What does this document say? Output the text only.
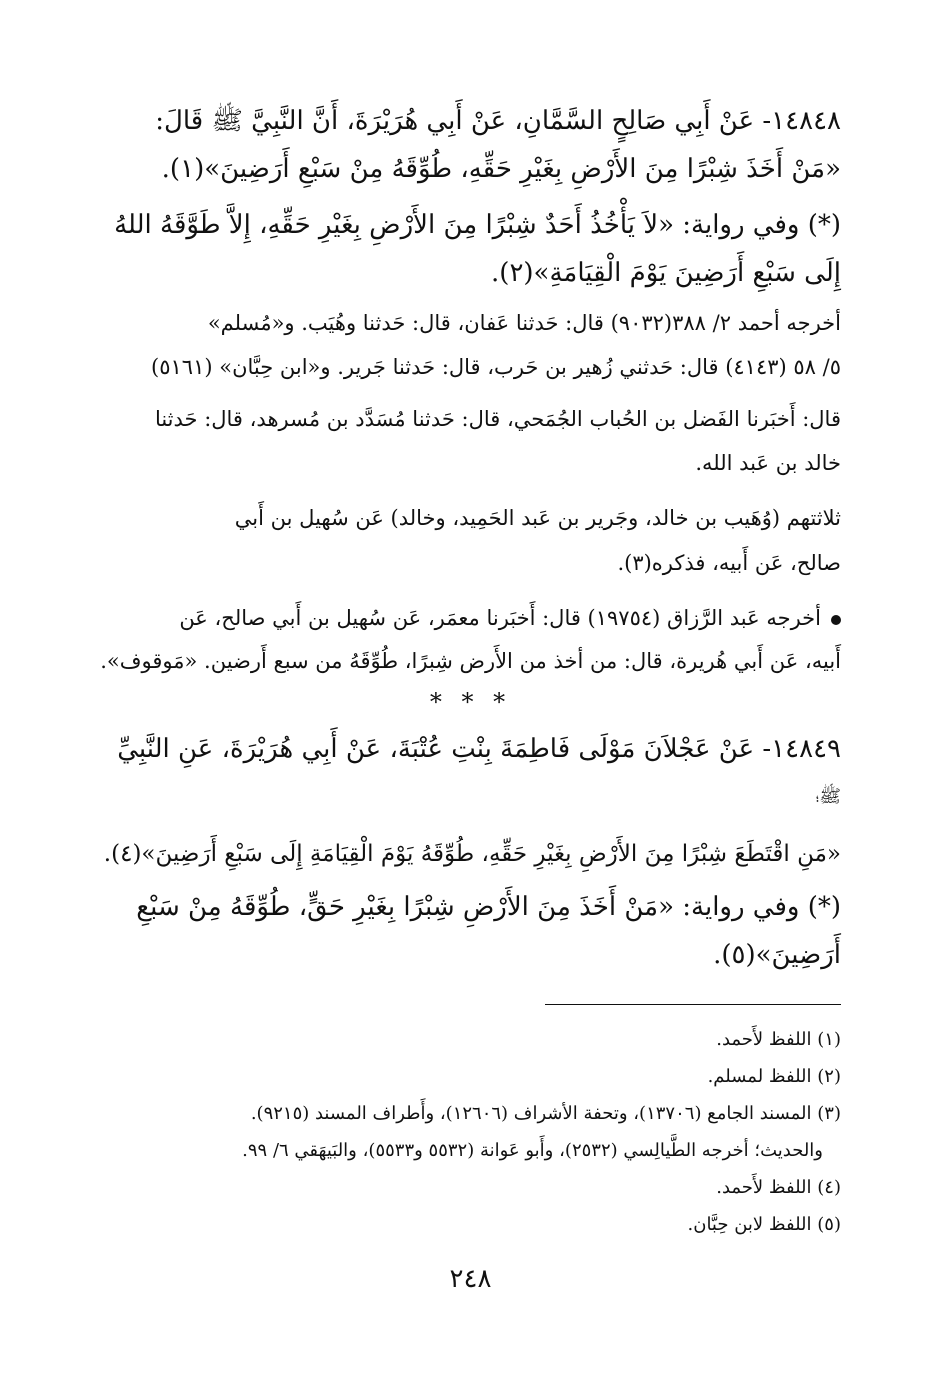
١٤٨٤٨- عَنْ أَبِي صَالِحٍ السَّمَّانِ، عَنْ أَبِي هُرَيْرَةَ، أَنَّ النَّبِيَّ ﷺ قَالَ:
«مَنْ أَخَذَ شِبْرًا مِنَ الأَرْضِ بِغَيْرِ حَقِّهِ، طُوِّقَهُ مِنْ سَبْعِ أَرَضِينَ»(١).
(*) وفي رواية: «لاَ يَأْخُذُ أَحَدٌ شِبْرًا مِنَ الأَرْضِ بِغَيْرِ حَقِّهِ، إِلاَّ طَوَّقَهُ اللهُ
إِلَى سَبْعِ أَرَضِينَ يَوْمَ الْقِيَامَةِ»(٢).
أخرجه أحمد ٢/ ٣٨٨(٩٠٣٢) قال: حَدثنا عَفان، قال: حَدثنا وهُيَب. و«مُسلم»
٥/ ٥٨ (٤١٤٣) قال: حَدثني زُهير بن حَرب، قال: حَدثنا جَرير. و«ابن حِبَّان» (٥١٦١)
قال: أَخبَرنا الفَضل بن الحُباب الجُمَحي، قال: حَدثنا مُسَدَّد بن مُسرهد، قال: حَدثنا
خالد بن عَبد الله.
ثلاثتهم (وُهَيب بن خالد، وجَرير بن عَبد الحَمِيد، وخالد) عَن سُهيل بن أَبي
صالح، عَن أَبيه، فذكره(٣).
أخرجه عَبد الرَّزاق (١٩٧٥٤) قال: أَخبَرنا معمَر، عَن سُهيل بن أَبي صالح، عَن
أَبيه، عَن أَبي هُريرة، قال: من أخذ من الأَرض شِبرًا، طُوِّقَهُ من سبع أَرضين. «مَوقوف».
* * *
١٤٨٤٩- عَنْ عَجْلاَنَ مَوْلَى فَاطِمَةَ بِنْتِ عُتْبَةَ، عَنْ أَبِي هُرَيْرَةَ، عَنِ النَّبِيِّ
«مَنِ اقْتَطَعَ شِبْرًا مِنَ الأَرْضِ بِغَيْرِ حَقِّهِ، طُوِّقَهُ يَوْمَ الْقِيَامَةِ إِلَى سَبْعِ أَرَضِينَ»(٤).
(*) وفي رواية: «مَنْ أَخَذَ مِنَ الأَرْضِ شِبْرًا بِغَيْرِ حَقٍّ، طُوِّقَهُ مِنْ سَبْعِ
أَرَضِينَ»(٥).
ﷺ؛
(١) اللفظ لأَحمد.
(٢) اللفظ لمسلم.
(٣) المسند الجامع (١٣٧٠٦)، وتحفة الأشراف (١٢٦٠٦)، وأَطراف المسند (٩٢١٥).
والحديث؛ أخرجه الطَّيالِسي (٢٥٣٢)، وأَبو عَوانة (٥٥٣٢ و٥٥٣٣)، والبَيهَقي ٦/ ٩٩.
(٤) اللفظ لأَحمد.
(٥) اللفظ لابن حِبَّان.
٢٤٨
